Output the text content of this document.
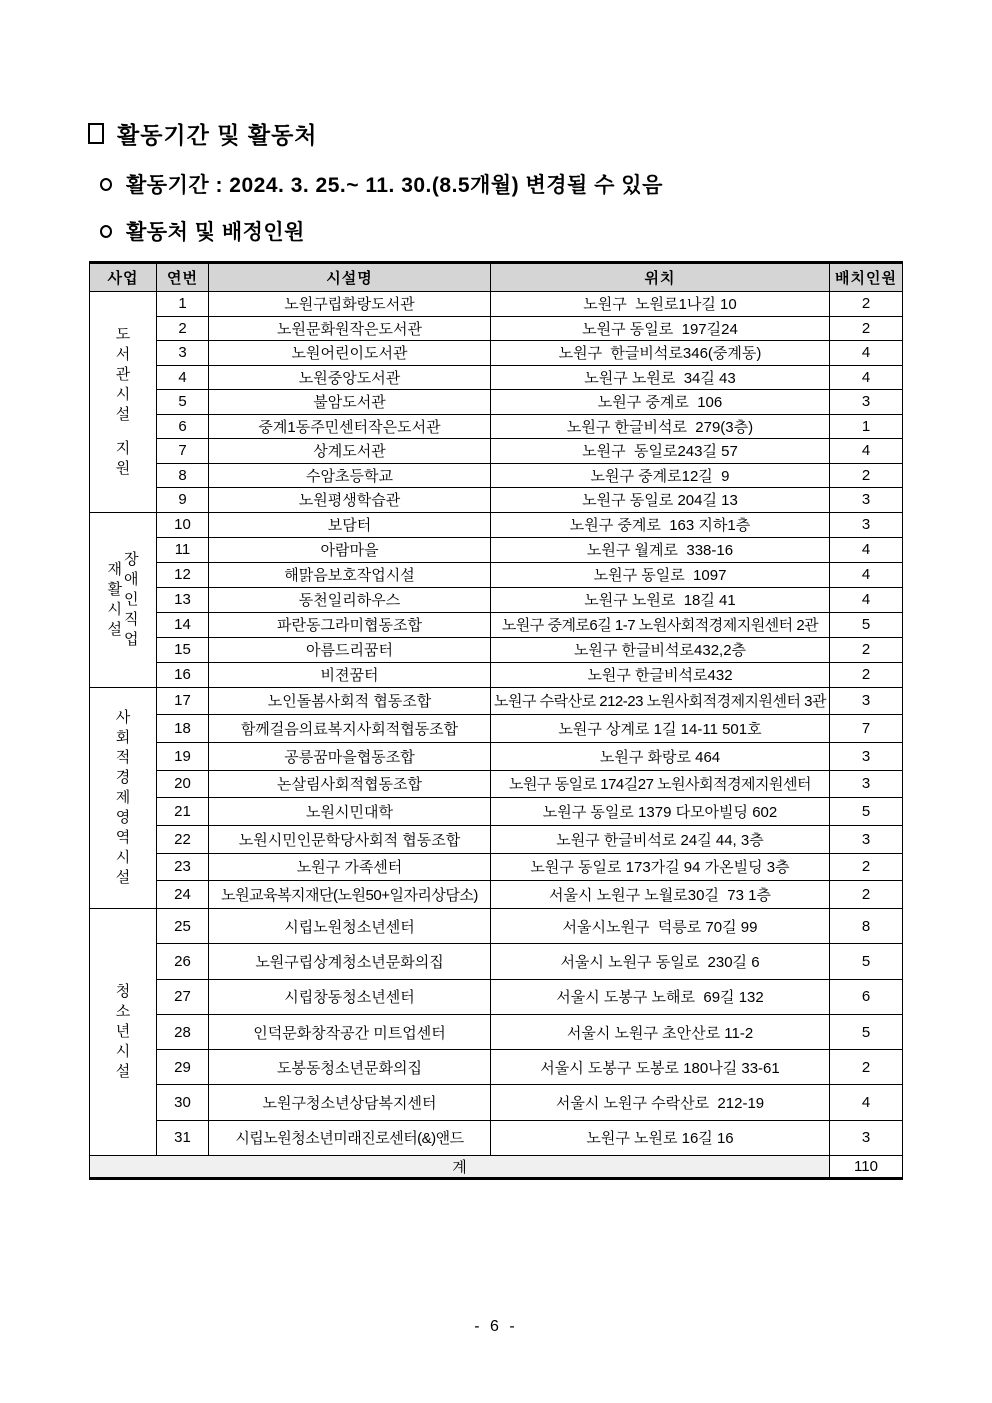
활동기간 및 활동처
활동기간 : 2024. 3. 25.~ 11. 30.(8.5개월) 변경될 수 있음
활동처 및 배정인원
사업	연번	시설명	위치	배치인원

도
서
관
시
설
지
원
	1	노원구립화랑도서관	노원구  노원로1나길 10	2
	2	노원문화원작은도서관	노원구 동일로  197길24	2
	3	노원어린이도서관	노원구  한글비석로346(중계동)	4
	4	노원중앙도서관	노원구 노원로  34길 43	4
	5	불암도서관	노원구 중계로  106	3
	6	중계1동주민센터작은도서관	노원구 한글비석로  279(3층)	1
	7	상계도서관	노원구  동일로243길 57	4
	8	수암초등학교	노원구 중계로12길  9	2
	9	노원평생학습관	노원구 동일로 204길 13	3

재
활
시
설
장
애
인
직
업
	10	보담터	노원구 중계로  163 지하1층	3
	11	아람마을	노원구 월계로  338-16	4
	12	해맑음보호작업시설	노원구 동일로  1097	4
	13	동천일리하우스	노원구 노원로  18길 41	4
	14	파란동그라미협동조합	노원구 중계로6길 1-7 노원사회적경제지원센터 2관	5
	15	아름드리꿈터	노원구 한글비석로432,2층	2
	16	비젼꿈터	노원구 한글비석로432	2

사
회
적
경
제
영
역
시
설
	17	노인돌봄사회적 협동조합	노원구 수락산로 212-23 노원사회적경제지원센터 3관	3
	18	함께걸음의료복지사회적협동조합	노원구 상계로 1길 14-11 501호	7
	19	공릉꿈마을협동조합	노원구 화랑로 464	3
	20	논살림사회적협동조합	노원구 동일로 174길27 노원사회적경제지원센터	3
	21	노원시민대학	노원구 동일로 1379 다모아빌딩 602	5
	22	노원시민인문학당사회적 협동조합	노원구 한글비석로 24길 44, 3층	3
	23	노원구 가족센터	노원구 동일로 173가길 94 가온빌딩 3층	2
	24	노원교육복지재단(노원50+일자리상담소)	서울시 노원구 노월로30길  73 1층	2

청
소
년
시
설	25	시립노원청소년센터	서울시노원구  덕릉로 70길 99	8
	26	노원구립상계청소년문화의집	서울시 노원구 동일로  230길 6	5
	27	시립창동청소년센터	서울시 도봉구 노해로  69길 132	6
	28	인덕문화창작공간 미트업센터	서울시 노원구 초안산로 11-2	5
	29	도봉동청소년문화의집	서울시 도봉구 도봉로 180나길 33-61	2
	30	노원구청소년상담복지센터	서울시 노원구 수락산로  212-19	4
	31	시립노원청소년미래진로센터(&)앤드	노원구 노원로 16길 16	3
계				110
- 6 -
